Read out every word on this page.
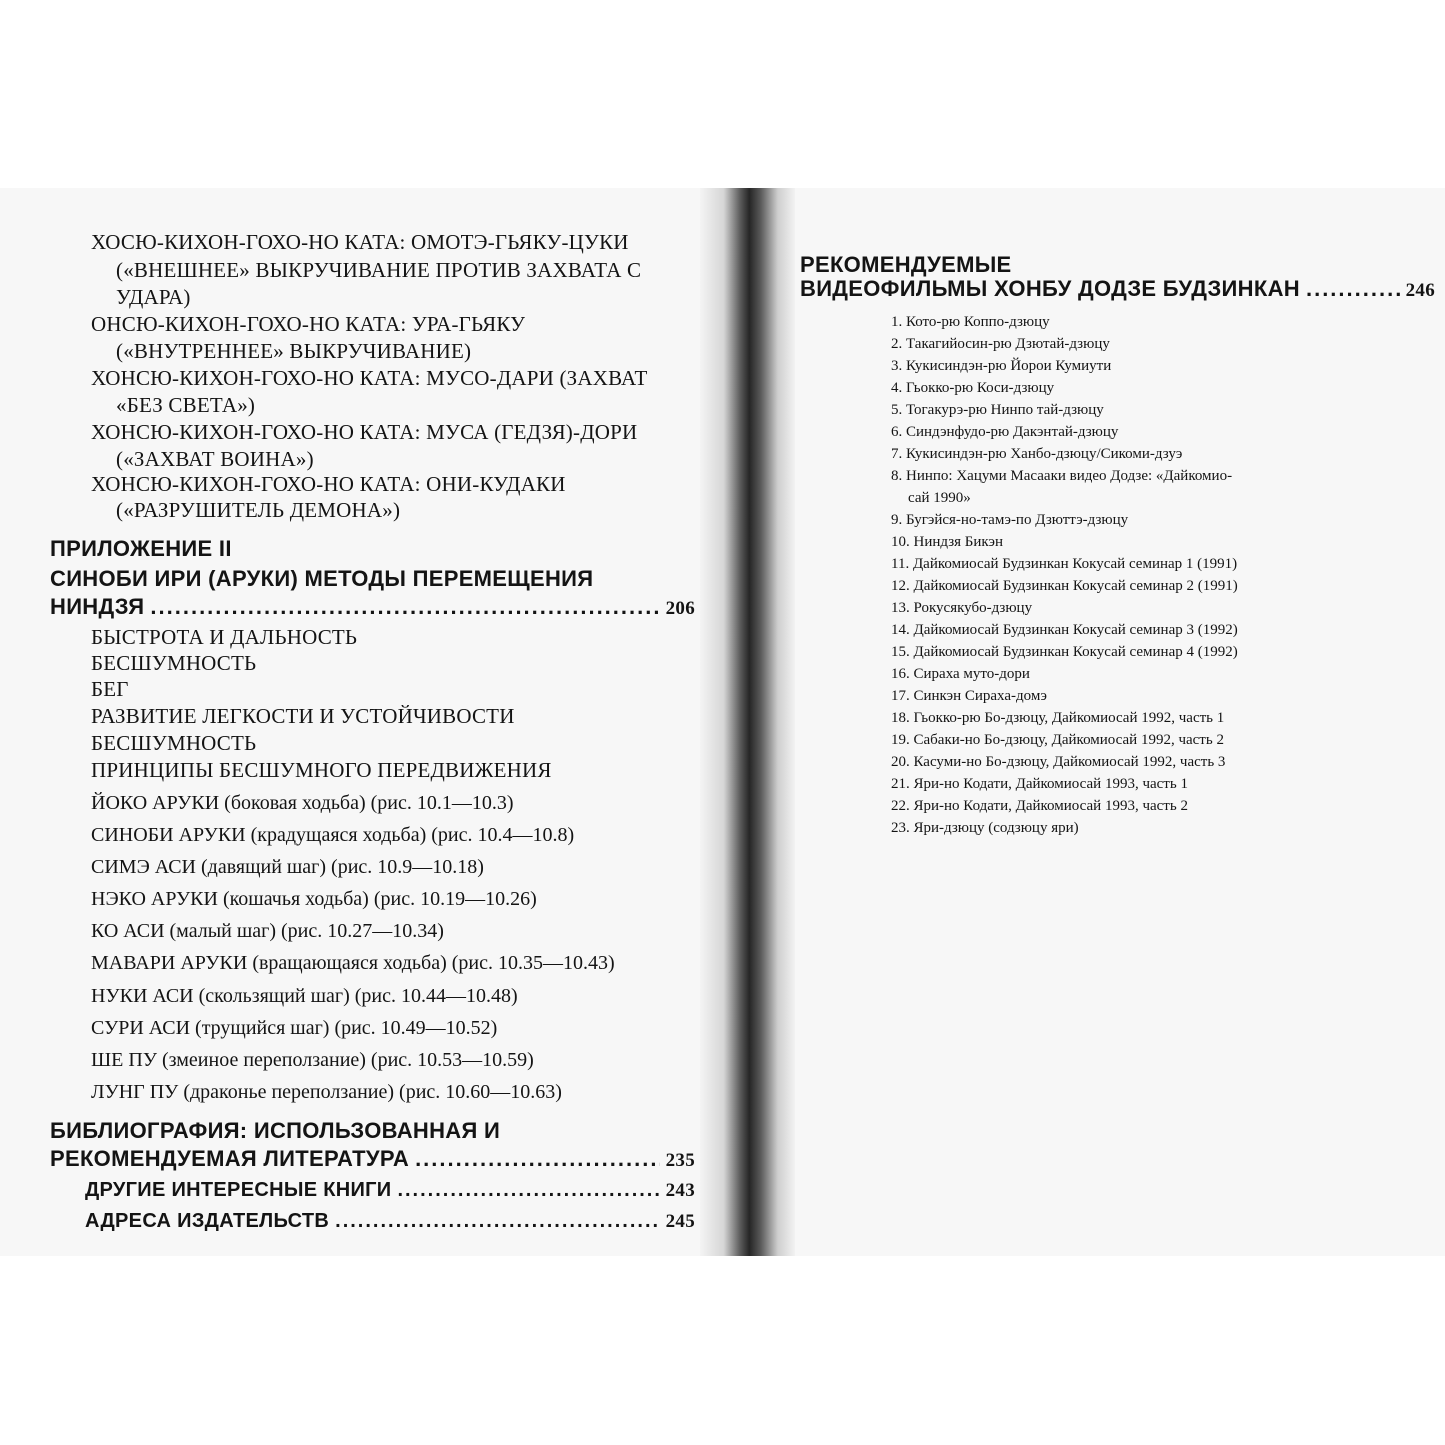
ХОСЮ-КИХОН-ГОХО-НО КАТА: ОМОТЭ-ГЬЯКУ-ЦУКИ
(«ВНЕШНЕЕ» ВЫКРУЧИВАНИЕ ПРОТИВ ЗАХВАТА С
УДАРА)
ОНСЮ-КИХОН-ГОХО-НО КАТА: УРА-ГЬЯКУ
(«ВНУТРЕННЕЕ» ВЫКРУЧИВАНИЕ)
ХОНСЮ-КИХОН-ГОХО-НО КАТА: МУСО-ДАРИ (ЗАХВАТ
«БЕЗ СВЕТА»)
ХОНСЮ-КИХОН-ГОХО-НО КАТА: МУСА (ГЕДЗЯ)-ДОРИ
(«ЗАХВАТ ВОИНА»)
ХОНСЮ-КИХОН-ГОХО-НО КАТА: ОНИ-КУДАКИ
(«РАЗРУШИТЕЛЬ ДЕМОНА»)
ПРИЛОЖЕНИЕ II
СИНОБИ ИРИ (АРУКИ) МЕТОДЫ ПЕРЕМЕЩЕНИЯ
НИНДЗЯ .....	206
БЫСТРОТА И ДАЛЬНОСТЬ
БЕСШУМНОСТЬ
БЕГ
РАЗВИТИЕ ЛЕГКОСТИ И УСТОЙЧИВОСТИ
БЕСШУМНОСТЬ
ПРИНЦИПЫ БЕСШУМНОГО ПЕРЕДВИЖЕНИЯ
ЙОКО АРУКИ (боковая ходьба) (рис. 10.1—10.3)
СИНОБИ АРУКИ (крадущаяся ходьба) (рис. 10.4—10.8)
СИМЭ АСИ (давящий шаг) (рис. 10.9—10.18)
НЭКО АРУКИ (кошачья ходьба) (рис. 10.19—10.26)
КО АСИ (малый шаг) (рис. 10.27—10.34)
МАВАРИ АРУКИ (вращающаяся ходьба) (рис. 10.35—10.43)
НУКИ АСИ (скользящий шаг) (рис. 10.44—10.48)
СУРИ АСИ (трущийся шаг) (рис. 10.49—10.52)
ШЕ ПУ (змеиное переползание) (рис. 10.53—10.59)
ЛУНГ ПУ (драконье переползание) (рис. 10.60—10.63)
БИБЛИОГРАФИЯ: ИСПОЛЬЗОВАННАЯ И
РЕКОМЕНДУЕМАЯ ЛИТЕРАТУРА .....	235
ДРУГИЕ ИНТЕРЕСНЫЕ КНИГИ .....	243
АДРЕСА ИЗДАТЕЛЬСТВ .....	245
РЕКОМЕНДУЕМЫЕ
ВИДЕОФИЛЬМЫ ХОНБУ ДОДЗЕ БУДЗИНКАН .....	246
1. Кото-рю Коппо-дзюцу
2. Такагийосин-рю Дзютай-дзюцу
3. Кукисиндэн-рю Йорои Кумиути
4. Гьокко-рю Коси-дзюцу
5. Тогакурэ-рю Нинпо тай-дзюцу
6. Синдэнфудо-рю Дакэнтай-дзюцу
7. Кукисиндэн-рю Ханбо-дзюцу/Сикоми-дзуэ
8. Нинпо: Хацуми Масааки видео Додзе: «Дайкомио-
сай 1990»
9. Бугэйся-но-тамэ-по Дзюттэ-дзюцу
10. Ниндзя Бикэн
11. Дайкомиосай Будзинкан Кокусай семинар 1 (1991)
12. Дайкомиосай Будзинкан Кокусай семинар 2 (1991)
13. Рокусякубо-дзюцу
14. Дайкомиосай Будзинкан Кокусай семинар 3 (1992)
15. Дайкомиосай Будзинкан Кокусай семинар 4 (1992)
16. Сираха муто-дори
17. Синкэн Сираха-домэ
18. Гьокко-рю Бо-дзюцу, Дайкомиосай 1992, часть 1
19. Сабаки-но Бо-дзюцу, Дайкомиосай 1992, часть 2
20. Касуми-но Бо-дзюцу, Дайкомиосай 1992, часть 3
21. Яри-но Кодати, Дайкомиосай 1993, часть 1
22. Яри-но Кодати, Дайкомиосай 1993, часть 2
23. Яри-дзюцу (содзюцу яри)
